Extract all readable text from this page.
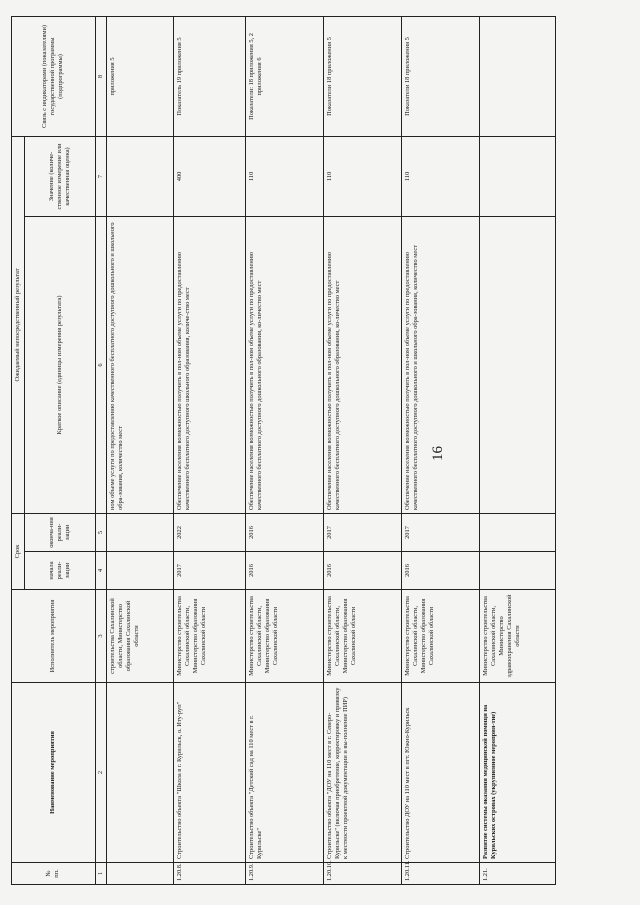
16
№ пп.	Наименование мероприятия	Исполнитель мероприятия	Срок		Ожидаемый непосредственный результат		Связь с индикаторами (показателями) государственной программы (подпрограммы)
			начала реали-зации	оконча-ния реали-зации	Краткое описание (единицы измерения результата)	Значение (количе-ственное измерение или качественная оценка)	

1	2	3	4	5	6	7	8
		строительства Сахалинской области, Министерство образования Сахалинской области			ном объеме услуги по предоставлению качественного бесплатного доступного дошкольного и школьного обра-зования, количество мест		приложения 5
1.20.8.	Строительство объекта "Школа в г. Курильск, о. Иту-руп"	Министерство строительства Сахалинской области, Министерство образования Сахалинской области	2017	2022	Обеспечение населения возможностью получить в пол-ном объеме услуги по предоставлению качественного бесплатного доступного школьного образования, количе-ство мест	400	Показатель 19 приложения 5
1.20.9.	Строительство объекта "Детский сад на 110 мест в г. Курильске"	Министерство строительства Сахалинской области, Министерство образования Сахалинской области	2016	2016	Обеспечение населения возможностью получить в пол-ном объеме услуги по предоставлению качественного бесплатного доступного дошкольного образования, ко-личество мест	110	Показатели: 18 приложения 5, 2 приложения 6
1.20.10.	Строительство объекта "ДОУ на 110 мест в г. Северо-Курильске" (включая приобретение, корректировку и привязку к местности проектной документации и вы-полнение ПИР)	Министерство строительства Сахалинской области, Министерство образования Сахалинской области	2016	2017	Обеспечение населения возможностью получить в пол-ном объеме услуги по предоставлению качественного бесплатного доступного дошкольного образования, ко-личество мест	110	Показатели 18 приложения 5
1.20.11.	Строительство ДОУ на 110 мест в пгт. Южно-Курильск	Министерство строительства Сахалинской области, Министерство образования Сахалинской области	2016	2017	Обеспечение населения возможностью получить в пол-ном объеме услуги по предоставлению качественного бесплатного доступного дошкольного и школьного обра-зования, количество мест	110	Показатели 18 приложения 5
1.21.	Развитие системы оказания медицинской помощи на Курильских островах (укрупненное мероприя-тие)	Министерство строительства Сахалинской области, Министерство здравоохранения Сахалинской области					
